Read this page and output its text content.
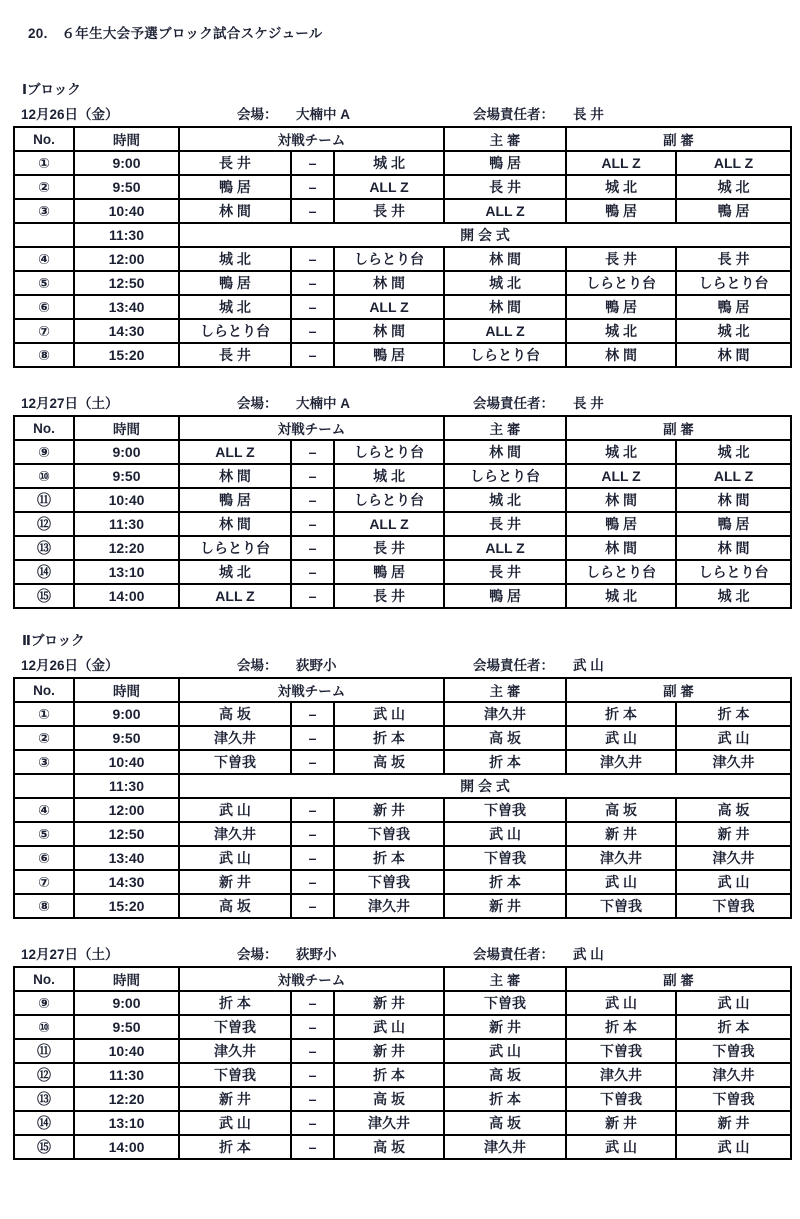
20.　６年生大会予選ブロック試合スケジュール
Ⅰブロック
12月26日（金）	会場： 大楠中 A	会場責任者： 長 井
No.	時間	対戦チーム			主 審	副 審	
①	9:00	長 井	–	城 北	鴨 居	ALL Z	ALL Z
②	9:50	鴨 居	–	ALL Z	長 井	城 北	城 北
③	10:40	林 間	–	長 井	ALL Z	鴨 居	鴨 居
	11:30	開 会 式					
④	12:00	城 北	–	しらとり台	林 間	長 井	長 井
⑤	12:50	鴨 居	–	林 間	城 北	しらとり台	しらとり台
⑥	13:40	城 北	–	ALL Z	林 間	鴨 居	鴨 居
⑦	14:30	しらとり台	–	林 間	ALL Z	城 北	城 北
⑧	15:20	長 井	–	鴨 居	しらとり台	林 間	林 間
12月27日（土）	会場： 大楠中 A	会場責任者： 長 井
No.	時間	対戦チーム			主 審	副 審	
⑨	9:00	ALL Z	–	しらとり台	林 間	城 北	城 北
⑩	9:50	林 間	–	城 北	しらとり台	ALL Z	ALL Z
⑪	10:40	鴨 居	–	しらとり台	城 北	林 間	林 間
⑫	11:30	林 間	–	ALL Z	長 井	鴨 居	鴨 居
⑬	12:20	しらとり台	–	長 井	ALL Z	林 間	林 間
⑭	13:10	城 北	–	鴨 居	長 井	しらとり台	しらとり台
⑮	14:00	ALL Z	–	長 井	鴨 居	城 北	城 北
Ⅱブロック
12月26日（金）	会場： 荻野小	会場責任者： 武 山
No.	時間	対戦チーム			主 審	副 審	
①	9:00	高 坂	–	武 山	津久井	折 本	折 本
②	9:50	津久井	–	折 本	高 坂	武 山	武 山
③	10:40	下曽我	–	高 坂	折 本	津久井	津久井
	11:30	開 会 式					
④	12:00	武 山	–	新 井	下曽我	高 坂	高 坂
⑤	12:50	津久井	–	下曽我	武 山	新 井	新 井
⑥	13:40	武 山	–	折 本	下曽我	津久井	津久井
⑦	14:30	新 井	–	下曽我	折 本	武 山	武 山
⑧	15:20	高 坂	–	津久井	新 井	下曽我	下曽我
12月27日（土）	会場： 荻野小	会場責任者： 武 山
No.	時間	対戦チーム			主 審	副 審	
⑨	9:00	折 本	–	新 井	下曽我	武 山	武 山
⑩	9:50	下曽我	–	武 山	新 井	折 本	折 本
⑪	10:40	津久井	–	新 井	武 山	下曽我	下曽我
⑫	11:30	下曽我	–	折 本	高 坂	津久井	津久井
⑬	12:20	新 井	–	高 坂	折 本	下曽我	下曽我
⑭	13:10	武 山	–	津久井	高 坂	新 井	新 井
⑮	14:00	折 本	–	高 坂	津久井	武 山	武 山
